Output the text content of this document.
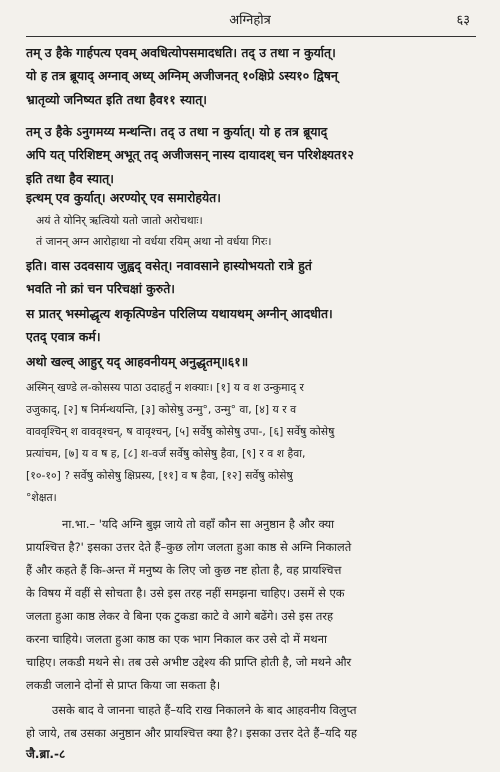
अग्निहोत्र	६३
तम् उ हैके गार्हपत्य एवम् अवधित्योपसमादधति। तद् उ तथा न कुर्यात्।
यो ह तत्र ब्रूयाद् अग्नाव् अध्य् अग्निम् अजीजनत् १०क्षिप्रे ऽस्य१० द्विषन्
भ्रातृव्यो जनिष्यत इति तथा हैव११ स्यात्।
तम् उ हैके ऽनुगमय्य मन्थन्ति। तद् उ तथा न कुर्यात्। यो ह तत्र ब्रूयाद्
अपि यत् परिशिष्टम् अभूत् तद् अजीजसन् नास्य दायादश् चन परिशेक्ष्यत१२
इति तथा हैव स्यात्।
इत्थम् एव कुर्यात्। अरण्योर् एव समारोहयेत।
अयं ते योनिर् ऋत्वियो यतो जातो अरोचथाः।
तं जानन् अग्न आरोहाथा नो वर्धया रयिम् अथा नो वर्धया गिरः।
इति। वास उदवसाय जुह्वद् वसेत्। नवावसाने हास्योभयतो रात्रे हुतं
भवति नो क्रां चन परिचक्षां कुरुते।
स प्रातर् भस्मोद्धृत्य शकृत्पिण्डेन परिलिप्य यथायथम् अग्नीन् आदधीत।
एतद् एवात्र कर्म।
अथो खल्व् आहुर् यद् आहवनीयम् अनुद्धृतम्॥६१॥
अस्मिन् खण्डे ल-कोसस्य पाठा उदाहर्तुं न शक्याः। [१] य व श उन्कुमाद् र
उजुकाद्, [२] ष निर्मन्थयन्ति, [३] कोसेषु उन्मु°, उन्मु° वा, [४] य र व
वाववृश्चिन् श वाववृश्चन्, ष वावृश्चन्, [५] सर्वेषु कोसेषु उपा-, [६] सर्वेषु कोसेषु
प्रत्यांचम, [७] य व ष ह, [८] श-वर्जं सर्वेषु कोसेषु हैवा, [९] र व श हैवा,
[१०-१०] ? सर्वेषु कोसेषु क्षिप्रस्य, [११] व ष हैवा, [१२] सर्वेषु कोसेषु
°शेक्षत।
ना.भा.– 'यदि अग्नि बुझ जाये तो वहाँ कौन सा अनुष्ठान है और क्या
प्रायश्चित्त है?' इसका उत्तर देते हैं–कुछ लोग जलता हुआ काष्ठ से अग्नि निकालते
हैं और कहते हैं कि-अन्त में मनुष्य के लिए जो कुछ नष्ट होता है, वह प्रायश्चित्त
के विषय में वहीं से सोचता है। उसे इस तरह नहीं समझना चाहिए। उसमें से एक
जलता हुआ काष्ठ लेकर वे बिना एक टुकडा काटे वे आगे बढेंगे। उसे इस तरह
करना चाहिये। जलता हुआ काष्ठ का एक भाग निकाल कर उसे दो में मथना
चाहिए। लकडी मथने से। तब उसे अभीष्ट उद्देश्य की प्राप्ति होती है, जो मथने और
लकडी जलाने दोनों से प्राप्त किया जा सकता है।
उसके बाद वे जानना चाहते हैं–यदि राख निकालने के बाद आहवनीय विलुप्त
हो जाये, तब उसका अनुष्ठान और प्रायश्चित्त क्या है?। इसका उत्तर देते हैं–यदि यह
जै.ब्रा.-८
